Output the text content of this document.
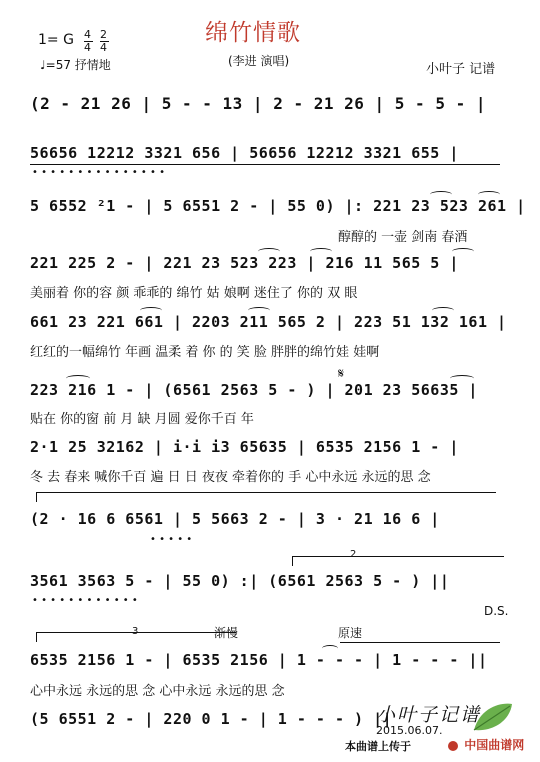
绵竹情歌
1= G 4
4
2
4
♩=57 抒情地	(李进 演唱)
小叶子 记谱
(2 - 21 26 | 5 - - 13 | 2 - 21 26 | 5 - 5 - |
56656 12212 3321 656 | 56656 12212 3321 655 |
• • • • • • • • • • • • • • •
5 6552 ²1 - | 5 6551 2 - | 55 0) |: 221 23 523 261 |
醇醇的 一壶 剑南 春酒
221 225 2 - | 221 23 523 223 | 216 11 565 5 |
美丽着 你的容 颜 乖乖的 绵竹 姑 娘啊 迷住了 你的 双 眼
661 23 221 661 | 2203 211 565 2 | 223 51 132 161 |
红红的一幅绵竹 年画 温柔 着 你 的 笑 脸 胖胖的绵竹娃 娃啊
223 216 1 - | (6561 2563 5 - ) | 201 23 56635 |
贴在 你的窗 前 月 缺 月圆 爱你千百 年
𝄋
2·1 25 32162 | i·i i3 65635 | 6535 2156 1 - |
冬 去 春来 喊你千百 遍 日 日 夜夜 牵着你的 手 心中永远 永远的思 念
(2 · 16 6 6561 | 5 5663 2 - | 3 · 21 16 6 |
• • • • •
2
3561 3563 5 - | 55 0) :| (6561 2563 5 - ) ||
• • • • • • • • • • • •
D.S.
3	渐慢	原速
6535 2156 1 - | 6535 2156 | 1 - - - | 1 - - - ||
心中永远 永远的思 念 心中永远 永远的思 念
(5 6551 2 - | 220 0 1 - | 1 - - - ) ||
小叶子记谱
2015.06.07.
本曲谱上传于	中国曲谱网
